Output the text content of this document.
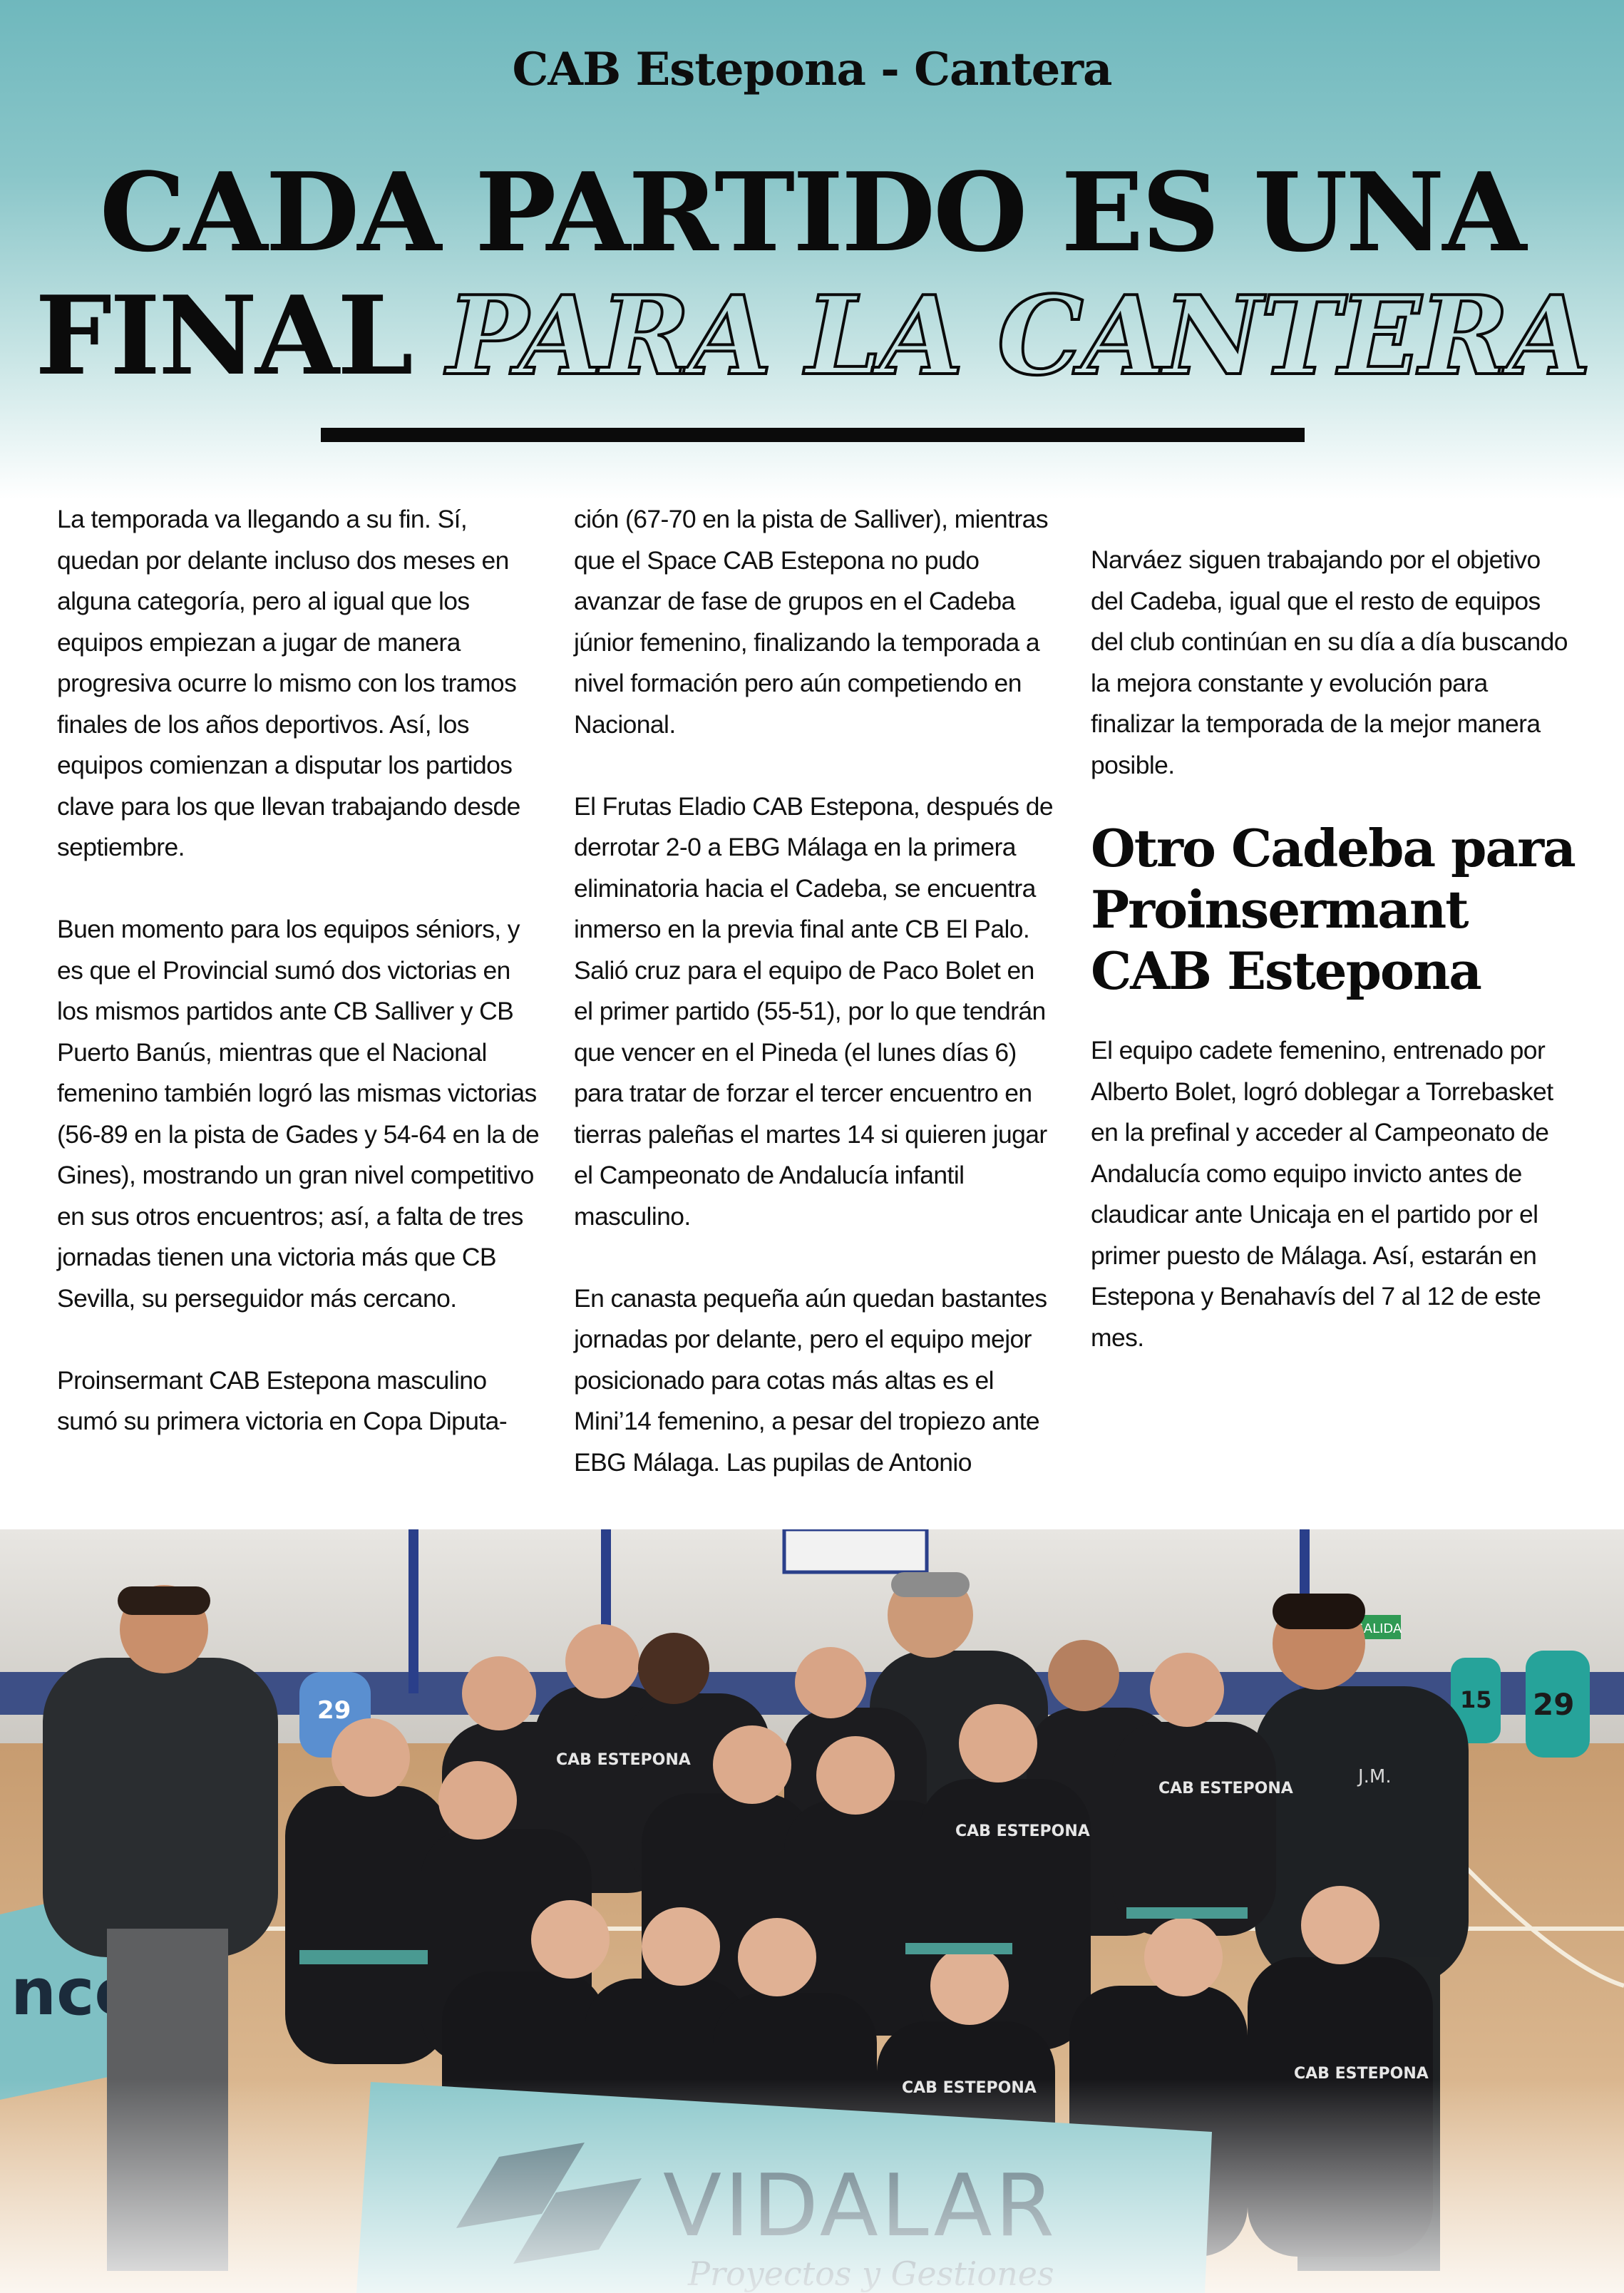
CAB Estepona - Cantera
CADA PARTIDO ES UNA
FINAL PARA LA CANTERA

La temporada va llegando a su fin. Sí, quedan por delante incluso dos meses en alguna categoría, pero al igual que los equipos empiezan a jugar de manera progresiva ocurre lo mismo con los tramos finales de los años deportivos. Así, los equipos comienzan a disputar los partidos clave para los que llevan trabajando desde septiembre.

Buen momento para los equipos séniors, y es que el Provincial sumó dos victorias en los mismos partidos ante CB Salliver y CB Puerto Banús, mientras que el Nacional femenino también logró las mismas victorias (56-89 en la pista de Gades y 54-64 en la de Gines), mostrando un gran nivel competitivo en sus otros encuentros; así, a falta de tres jornadas tienen una victoria más que CB Sevilla, su perseguidor más cercano.

Proinsermant CAB Estepona masculino sumó su primera victoria en Copa Diputa-

ción (67-70 en la pista de Salliver), mientras que el Space CAB Estepona no pudo avanzar de fase de grupos en el Cadeba júnior femenino, finalizando la temporada a nivel formación pero aún competiendo en Nacional.

El Frutas Eladio CAB Estepona, después de derrotar 2-0 a EBG Málaga en la primera eliminatoria hacia el Cadeba, se encuentra inmerso en la previa final ante CB El Palo. Salió cruz para el equipo de Paco Bolet en el primer partido (55-51), por lo que tendrán que vencer en el Pineda (el lunes días 6) para tratar de forzar el tercer encuentro en tierras paleñas el martes 14 si quieren jugar el Campeonato de Andalucía infantil masculino.

En canasta pequeña aún quedan bastantes jornadas por delante, pero el equipo mejor posicionado para cotas más altas es el Mini’14 femenino, a pesar del tropiezo ante EBG Málaga. Las pupilas de Antonio

Narváez siguen trabajando por el objetivo del Cadeba, igual que el resto de equipos del club continúan en su día a día buscando la mejora constante y evolución para finalizar la temporada de la mejor manera posible.

Otro Cadeba para Proinsermant CAB Estepona

El equipo cadete femenino, entrenado por Alberto Bolet, logró doblegar a Torrebasket en la prefinal y acceder al Campeonato de Andalucía como equipo invicto antes de claudicar ante Unicaja en el partido por el primer puesto de Málaga. Así, estarán en Estepona y Benahavís del 7 al 12 de este mes.
